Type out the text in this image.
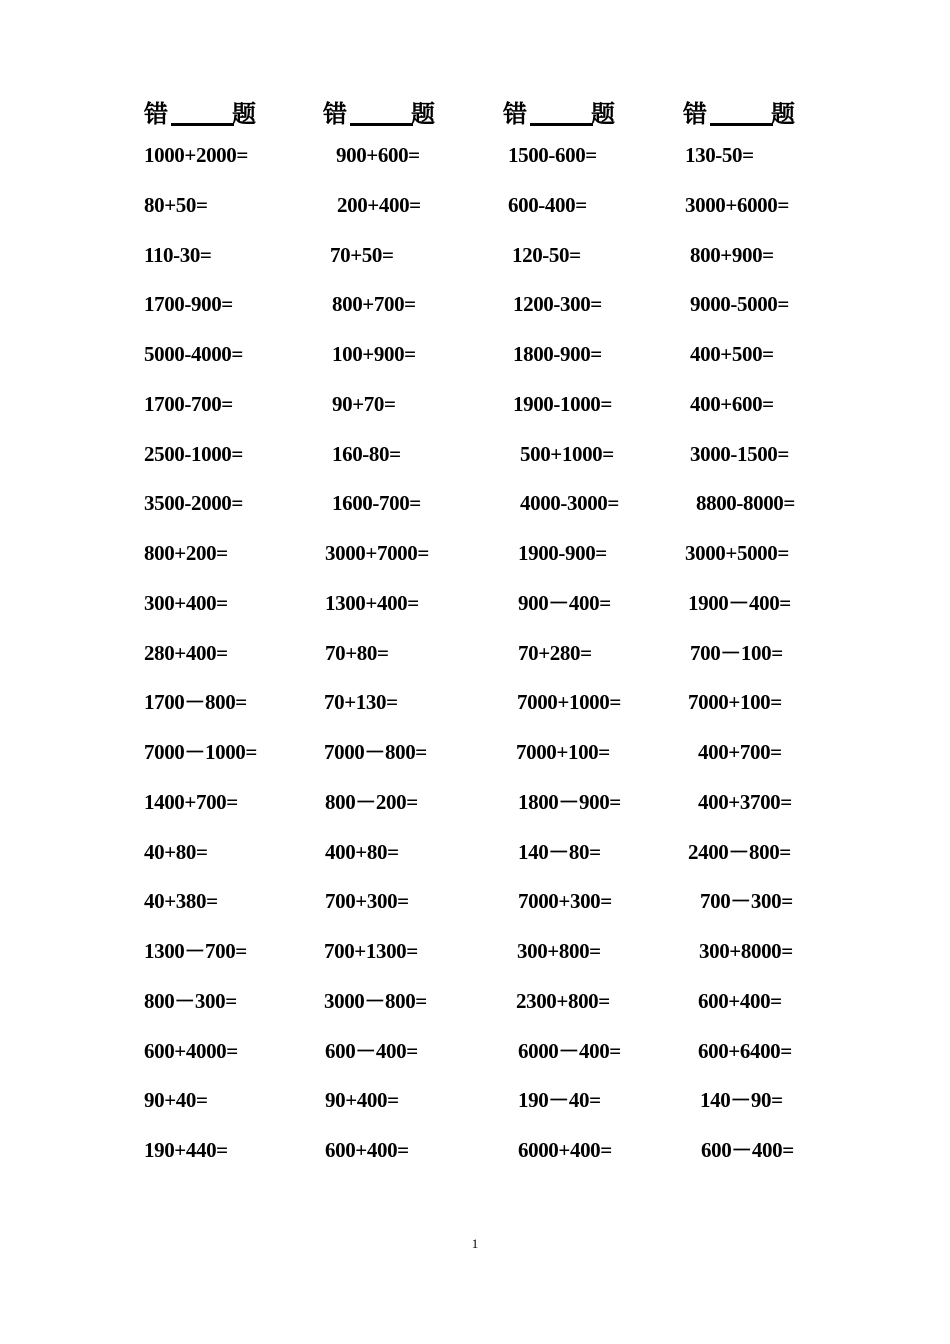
错	题	错	题	错	题	错	题
1000+2000=	900+600=	1500-600=	130-50=
80+50=	200+400=	600-400=	3000+6000=
110-30=	70+50=	120-50=	800+900=
1700-900=	800+700=	1200-300=	9000-5000=
5000-4000=	100+900=	1800-900=	400+500=
1700-700=	90+70=	1900-1000=	400+600=
2500-1000=	160-80=	500+1000=	3000-1500=
3500-2000=	1600-700=	4000-3000=	8800-8000=
800+200=	3000+7000=	1900-900=	3000+5000=
300+400=	1300+400=	900－400=	1900－400=
280+400=	70+80=	70+280=	700－100=
1700－800=	70+130=	7000+1000=	7000+100=
7000－1000=	7000－800=	7000+100=	400+700=
1400+700=	800－200=	1800－900=	400+3700=
40+80=	400+80=	140－80=	2400－800=
40+380=	700+300=	7000+300=	700－300=
1300－700=	700+1300=	300+800=	300+8000=
800－300=	3000－800=	2300+800=	600+400=
600+4000=	600－400=	6000－400=	600+6400=
90+40=	90+400=	190－40=	140－90=
190+440=	600+400=	6000+400=	600－400=
1
